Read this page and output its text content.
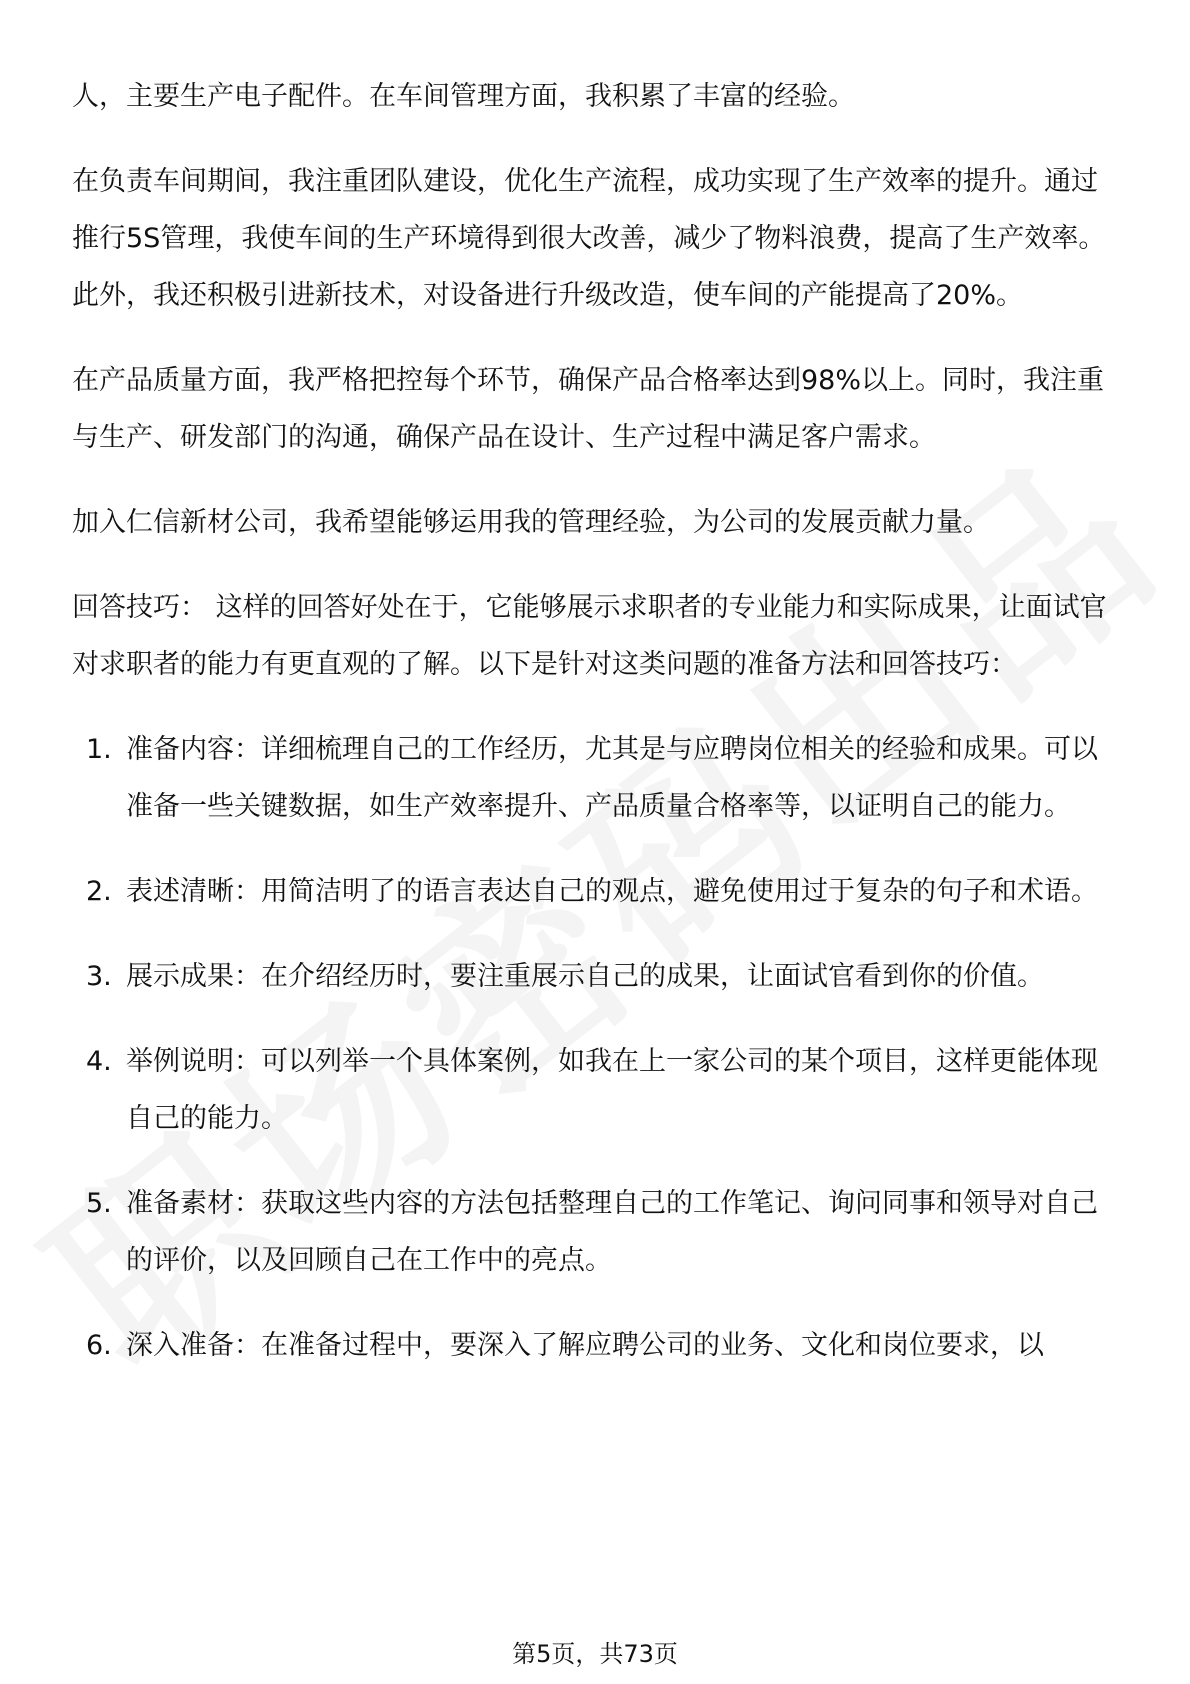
人，主要生产电子配件。在车间管理方面，我积累了丰富的经验。

在负责车间期间，我注重团队建设，优化生产流程，成功实现了生产效率的提升。通过推行5S管理，我使车间的生产环境得到很大改善，减少了物料浪费，提高了生产效率。此外，我还积极引进新技术，对设备进行升级改造，使车间的产能提高了20%。

在产品质量方面，我严格把控每个环节，确保产品合格率达到98%以上。同时，我注重与生产、研发部门的沟通，确保产品在设计、生产过程中满足客户需求。

加入仁信新材公司，我希望能够运用我的管理经验，为公司的发展贡献力量。

回答技巧： 这样的回答好处在于，它能够展示求职者的专业能力和实际成果，让面试官对求职者的能力有更直观的了解。以下是针对这类问题的准备方法和回答技巧：

1. 准备内容：详细梳理自己的工作经历，尤其是与应聘岗位相关的经验和成果。可以准备一些关键数据，如生产效率提升、产品质量合格率等，以证明自己的能力。
2. 表述清晰：用简洁明了的语言表达自己的观点，避免使用过于复杂的句子和术语。
3. 展示成果：在介绍经历时，要注重展示自己的成果，让面试官看到你的价值。
4. 举例说明：可以列举一个具体案例，如我在上一家公司的某个项目，这样更能体现自己的能力。
5. 准备素材：获取这些内容的方法包括整理自己的工作笔记、询问同事和领导对自己的评价，以及回顾自己在工作中的亮点。
6. 深入准备：在准备过程中，要深入了解应聘公司的业务、文化和岗位要求，以
第5页，共73页
